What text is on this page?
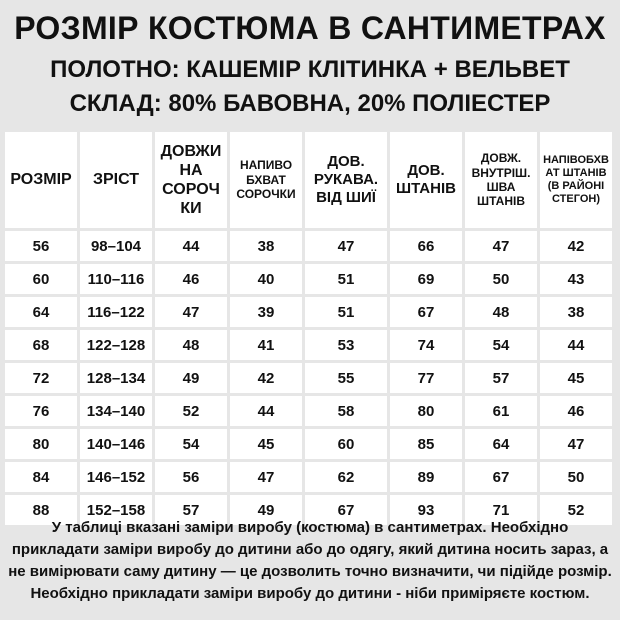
РОЗМІР КОСТЮМА В САНТИМЕТРАХ
ПОЛОТНО: КАШЕМІР КЛІТИНКА + ВЕЛЬВЕТ
СКЛАД: 80% БАВОВНА, 20% ПОЛІЕСТЕР
РОЗМІР	ЗРІСТ	ДОВЖИ НА СОРОЧ КИ	НАПИВО БХВАТ СОРОЧКИ	ДОВ. РУКАВА. ВІД ШИЇ	ДОВ. ШТАНІВ	ДОВЖ. ВНУТРІШ. ШВА ШТАНІВ	НАПІВОБХВ АТ ШТАНІВ (В РАЙОНІ СТЕГОН)
56	98–104	44	38	47	66	47	42
60	110–116	46	40	51	69	50	43
64	116–122	47	39	51	67	48	38
68	122–128	48	41	53	74	54	44
72	128–134	49	42	55	77	57	45
76	134–140	52	44	58	80	61	46
80	140–146	54	45	60	85	64	47
84	146–152	56	47	62	89	67	50
88	152–158	57	49	67	93	71	52
У таблиці вказані заміри виробу (костюма) в сантиметрах. Необхідно прикладати заміри виробу до дитини або до одягу, який дитина носить зараз, а не вимірювати саму дитину — це дозволить точно визначити, чи підійде розмір. Необхідно прикладати заміри виробу до дитини - ніби приміряєте костюм.
